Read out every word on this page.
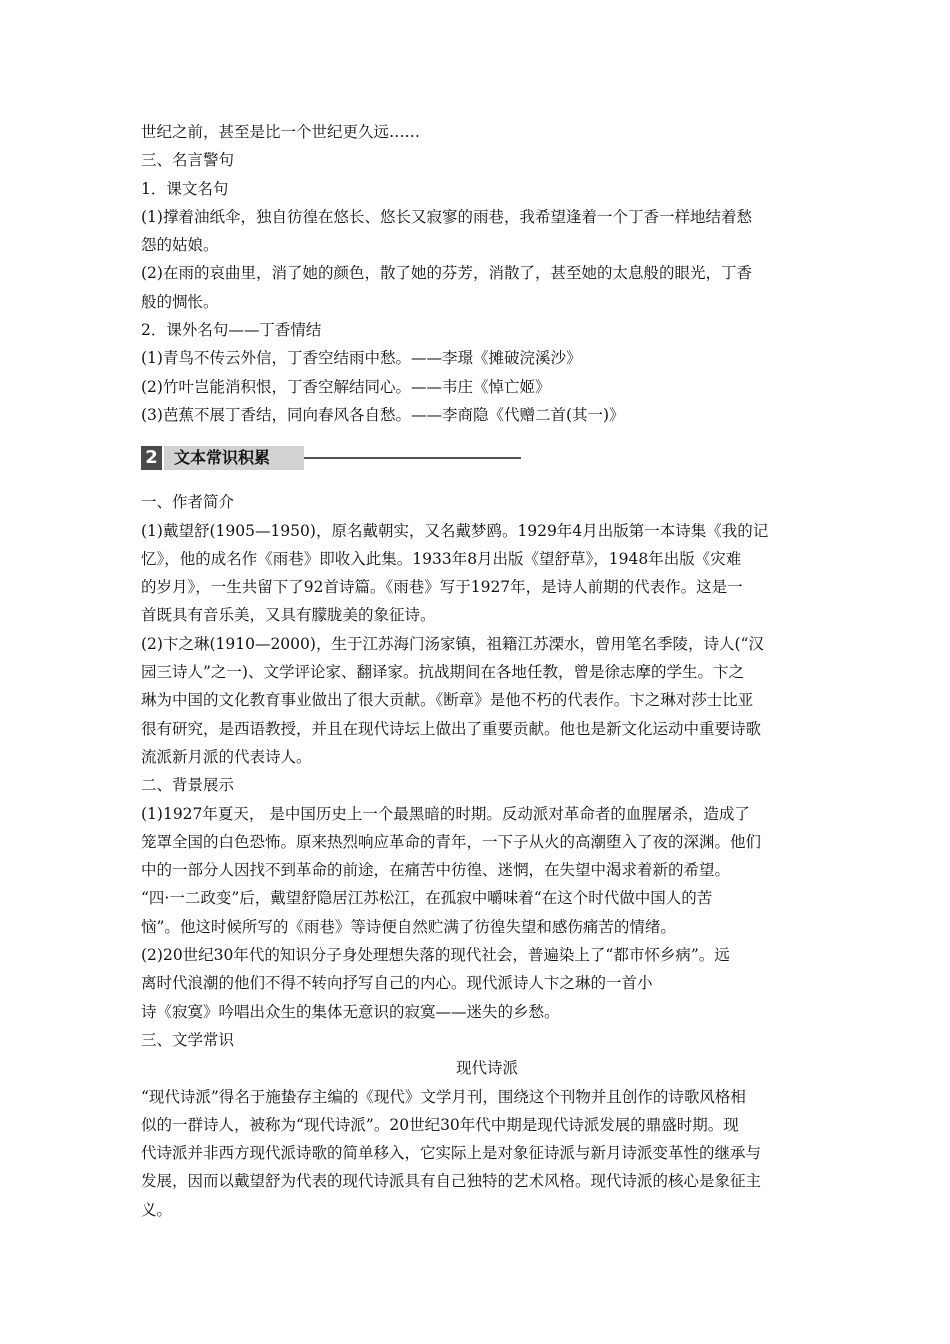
世纪之前，甚至是比一个世纪更久远……

三、名言警句

1．课文名句

(1)撑着油纸伞，独自彷徨在悠长、悠长又寂寥的雨巷，我希望逢着一个丁香一样地结着愁

怨的姑娘。

(2)在雨的哀曲里，消了她的颜色，散了她的芬芳，消散了，甚至她的太息般的眼光，丁香

般的惆怅。

2．课外名句——丁香情结

(1)青鸟不传云外信，丁香空结雨中愁。——李璟《摊破浣溪沙》

(2)竹叶岂能消积恨，丁香空解结同心。——韦庄《悼亡姬》

(3)芭蕉不展丁香结，同向春风各自愁。——李商隐《代赠二首(其一)》

2 文本常识积累

一、作者简介

(1)戴望舒(1905—1950)，原名戴朝实，又名戴梦鸥。1929年4月出版第一本诗集《我的记

忆》，他的成名作《雨巷》即收入此集。1933年8月出版《望舒草》，1948年出版《灾难

的岁月》，一生共留下了92首诗篇。《雨巷》写于1927年，是诗人前期的代表作。这是一

首既具有音乐美，又具有朦胧美的象征诗。

(2)卞之琳(1910—2000)，生于江苏海门汤家镇，祖籍江苏溧水，曾用笔名季陵，诗人(“汉

园三诗人”之一)、文学评论家、翻译家。抗战期间在各地任教，曾是徐志摩的学生。卞之

琳为中国的文化教育事业做出了很大贡献。《断章》是他不朽的代表作。卞之琳对莎士比亚

很有研究，是西语教授，并且在现代诗坛上做出了重要贡献。他也是新文化运动中重要诗歌

流派新月派的代表诗人。

二、背景展示

(1)1927年夏天， 是中国历史上一个最黑暗的时期。反动派对革命者的血腥屠杀，造成了

笼罩全国的白色恐怖。原来热烈响应革命的青年，一下子从火的高潮堕入了夜的深渊。他们

中的一部分人因找不到革命的前途，在痛苦中彷徨、迷惘，在失望中渴求着新的希望。

“四·一二政变”后，戴望舒隐居江苏松江，在孤寂中嚼味着“在这个时代做中国人的苦

恼”。他这时候所写的《雨巷》等诗便自然贮满了彷徨失望和感伤痛苦的情绪。

(2)20世纪30年代的知识分子身处理想失落的现代社会，普遍染上了“都市怀乡病”。远

离时代浪潮的他们不得不转向抒写自己的内心。现代派诗人卞之琳的一首小

诗《寂寞》吟唱出众生的集体无意识的寂寞——迷失的乡愁。

三、文学常识

现代诗派

“现代诗派”得名于施蛰存主编的《现代》文学月刊，围绕这个刊物并且创作的诗歌风格相

似的一群诗人，被称为“现代诗派”。20世纪30年代中期是现代诗派发展的鼎盛时期。现

代诗派并非西方现代派诗歌的简单移入，它实际上是对象征诗派与新月诗派变革性的继承与

发展，因而以戴望舒为代表的现代诗派具有自己独特的艺术风格。现代诗派的核心是象征主

义。
